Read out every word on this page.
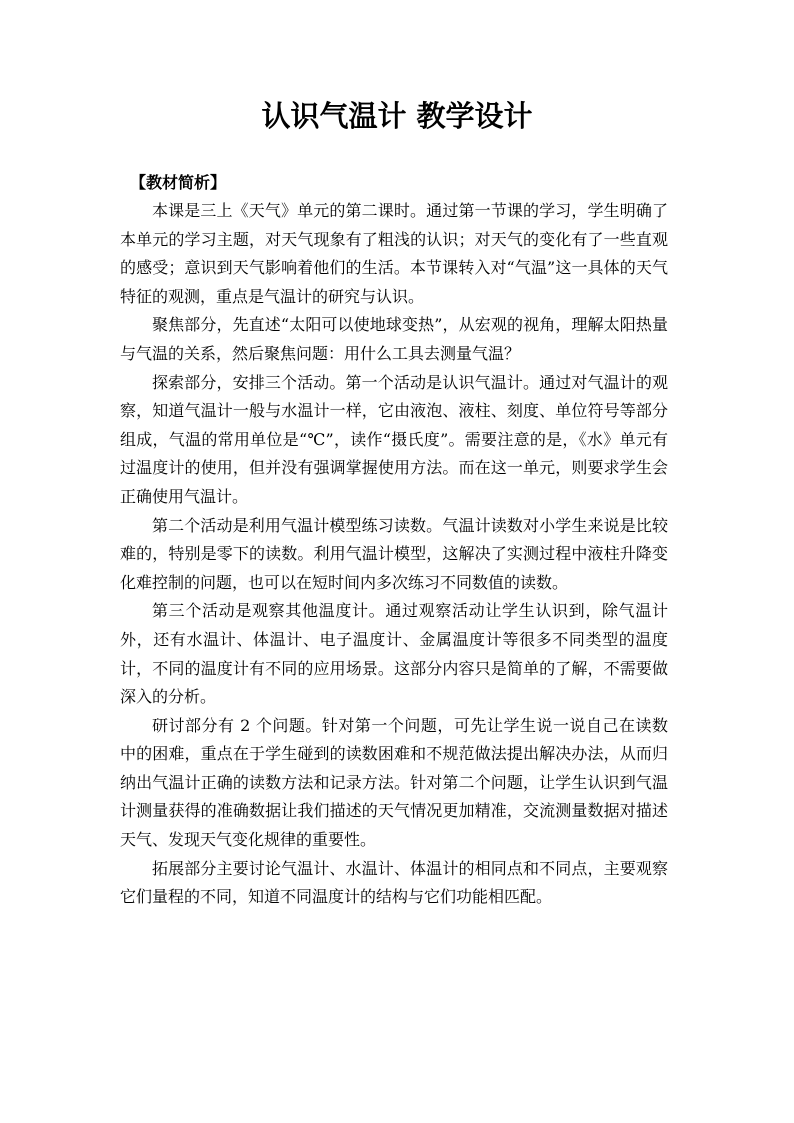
认识气温计 教学设计

【教材简析】

本课是三上《天气》单元的第二课时。通过第一节课的学习，学生明确了本单元的学习主题，对天气现象有了粗浅的认识；对天气的变化有了一些直观的感受；意识到天气影响着他们的生活。本节课转入对“气温”这一具体的天气特征的观测，重点是气温计的研究与认识。

聚焦部分，先直述“太阳可以使地球变热”，从宏观的视角，理解太阳热量与气温的关系，然后聚焦问题：用什么工具去测量气温？

探索部分，安排三个活动。第一个活动是认识气温计。通过对气温计的观察，知道气温计一般与水温计一样，它由液泡、液柱、刻度、单位符号等部分组成，气温的常用单位是“℃”，读作“摄氏度”。需要注意的是，《水》单元有过温度计的使用，但并没有强调掌握使用方法。而在这一单元，则要求学生会正确使用气温计。

第二个活动是利用气温计模型练习读数。气温计读数对小学生来说是比较难的，特别是零下的读数。利用气温计模型，这解决了实测过程中液柱升降变化难控制的问题，也可以在短时间内多次练习不同数值的读数。

第三个活动是观察其他温度计。通过观察活动让学生认识到，除气温计外，还有水温计、体温计、电子温度计、金属温度计等很多不同类型的温度计，不同的温度计有不同的应用场景。这部分内容只是简单的了解，不需要做深入的分析。

研讨部分有 2 个问题。针对第一个问题，可先让学生说一说自己在读数中的困难，重点在于学生碰到的读数困难和不规范做法提出解决办法，从而归纳出气温计正确的读数方法和记录方法。针对第二个问题，让学生认识到气温计测量获得的准确数据让我们描述的天气情况更加精准，交流测量数据对描述天气、发现天气变化规律的重要性。

拓展部分主要讨论气温计、水温计、体温计的相同点和不同点，主要观察它们量程的不同，知道不同温度计的结构与它们功能相匹配。
